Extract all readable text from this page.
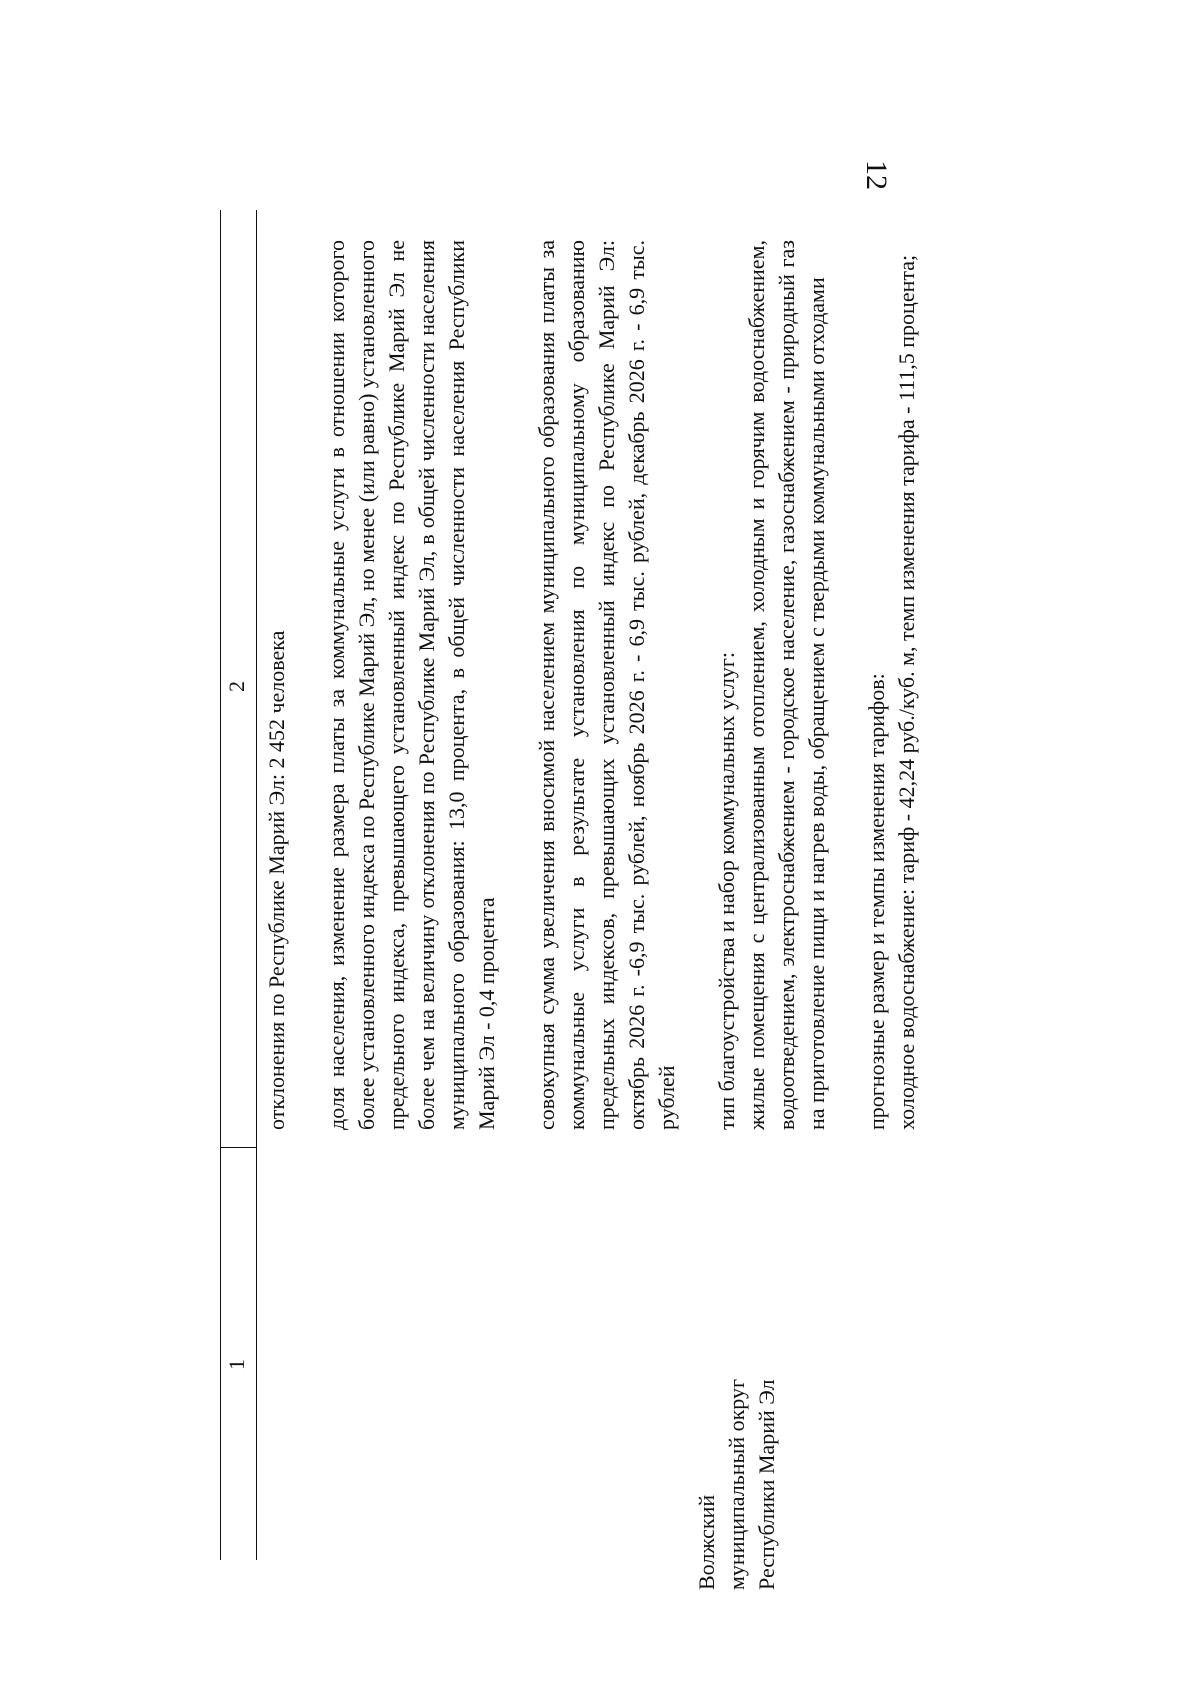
12
1
2 отклонения по Республике Марий Эл: 2 452 человека доля населения, изменение размера платы за коммунальные услуги в отношении которого более установленного индекса по Республике Марий Эл, но менее (или равно) установленного предельного индекса, превышающего установленный индекс по Республике Марий Эл не более чем на величину отклонения по Республике Марий Эл, в общей численности населения муниципального образования: 13,0 процента, в общей численности населения Республики Марий Эл - 0,4 процента совокупная сумма увеличения вносимой населением муниципального образования платы за коммунальные услуги в результате установления по муниципальному образованию предельных индексов, превышающих установленный индекс по Республике Марий Эл: октябрь 2026 г. -6,9 тыс. рублей, ноябрь 2026 г. - 6,9 тыс. рублей, декабрь 2026 г. - 6,9 тыс. рублей тип благоустройства и набор коммунальных услуг: жилые помещения с централизованным отоплением, холодным и горячим водоснабжением, водоотведением, электроснабжением - городское население, газоснабжением - природный газ на приготовление пищи и нагрев воды, обращением с твердыми коммунальными отходами прогнозные размер и темпы изменения тарифов: холодное водоснабжение: тариф - 42,24 руб./куб. м, темп изменения тарифа - 111,5 процента;

Волжский муниципальный округ Республики Марий Эл
